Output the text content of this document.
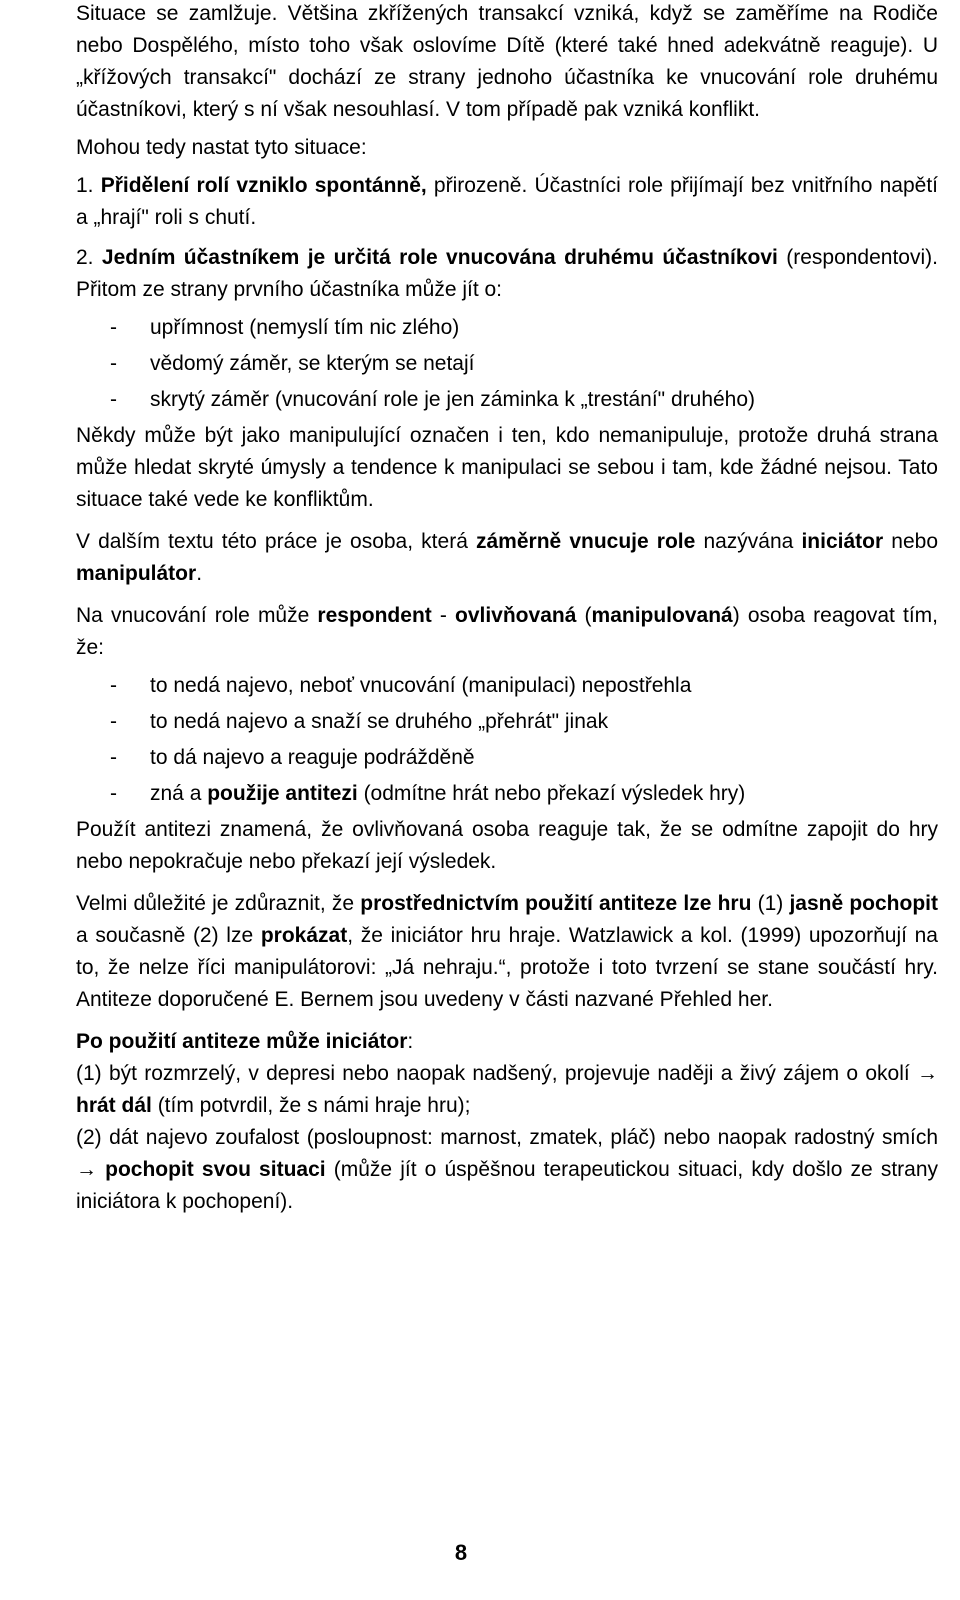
Situace se zamlžuje. Většina zkřížených transakcí vzniká, když se zaměříme na Rodiče nebo Dospělého, místo toho však oslovíme Dítě (které také hned adekvátně reaguje). U „křížových transakcí" dochází ze strany jednoho účastníka ke vnucování role druhému účastníkovi, který s ní však nesouhlasí. V tom případě pak vzniká konflikt.

Mohou tedy nastat tyto situace:

1. Přidělení rolí vzniklo spontánně, přirozeně. Účastníci role přijímají bez vnitřního napětí a „hrají" roli s chutí.

2. Jedním účastníkem je určitá role vnucována druhému účastníkovi (respondentovi). Přitom ze strany prvního účastníka může jít o:

-	upřímnost (nemyslí tím nic zlého)
-	vědomý záměr, se kterým se netají
-	skrytý záměr (vnucování role je jen záminka k „trestání" druhého)

Někdy může být jako manipulující označen i ten, kdo nemanipuluje, protože druhá strana může hledat skryté úmysly a tendence k manipulaci se sebou i tam, kde žádné nejsou. Tato situace také vede ke konfliktům.

V dalším textu této práce je osoba, která záměrně vnucuje role nazývána iniciátor nebo manipulátor.

Na vnucování role může respondent - ovlivňovaná (manipulovaná) osoba reagovat tím, že:

-	to nedá najevo, neboť vnucování (manipulaci) nepostřehla
-	to nedá najevo a snaží se druhého „přehrát" jinak
-	to dá najevo a reaguje podrážděně
-	zná a použije antitezi (odmítne hrát nebo překazí výsledek hry)

Použít antitezi znamená, že ovlivňovaná osoba reaguje tak, že se odmítne zapojit do hry nebo nepokračuje nebo překazí její výsledek.

Velmi důležité je zdůraznit, že prostřednictvím použití antiteze lze hru (1) jasně pochopit a současně (2) lze prokázat, že iniciátor hru hraje. Watzlawick a kol. (1999) upozorňují na to, že nelze říci manipulátorovi: „Já nehraju.“, protože i toto tvrzení se stane součástí hry. Antiteze doporučené E. Bernem jsou uvedeny v části nazvané Přehled her.

Po použití antiteze může iniciátor:

(1) být rozmrzelý, v depresi nebo naopak nadšený, projevuje naději a živý zájem o okolí → hrát dál (tím potvrdil, že s námi hraje hru);

(2) dát najevo zoufalost (posloupnost: marnost, zmatek, pláč) nebo naopak radostný smích → pochopit svou situaci (může jít o úspěšnou terapeutickou situaci, kdy došlo ze strany iniciátora k pochopení).

8
